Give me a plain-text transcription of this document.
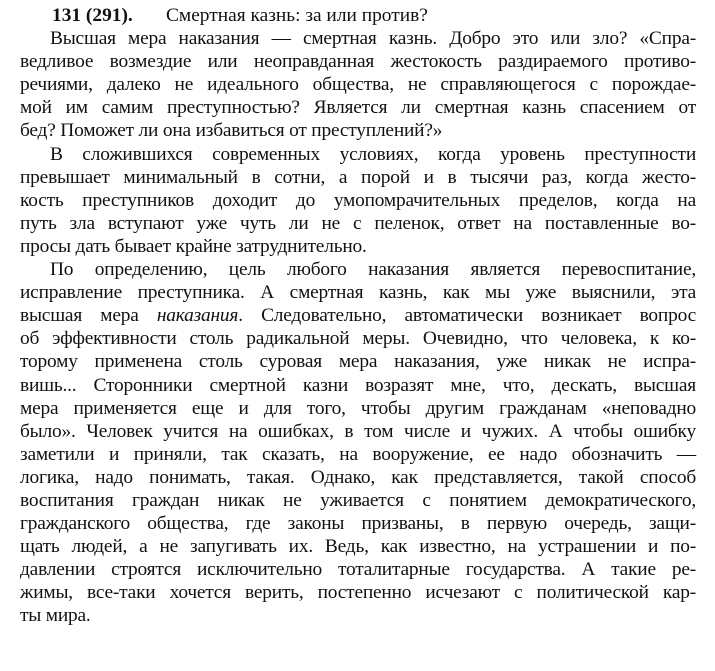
131 (291). Смертная казнь: за или против?
Высшая мера наказания — смертная казнь. Добро это или зло? «Спра-
ведливое возмездие или неоправданная жестокость раздираемого противо-
речиями, далеко не идеального общества, не справляющегося с порождае-
мой им самим преступностью? Является ли смертная казнь спасением от
бед? Поможет ли она избавиться от преступлений?»
В сложившихся современных условиях, когда уровень преступности
превышает минимальный в сотни, а порой и в тысячи раз, когда жесто-
кость преступников доходит до умопомрачительных пределов, когда на
путь зла вступают уже чуть ли не с пеленок, ответ на поставленные во-
просы дать бывает крайне затруднительно.
По определению, цель любого наказания является перевоспитание,
исправление преступника. А смертная казнь, как мы уже выяснили, эта
высшая мера наказания. Следовательно, автоматически возникает вопрос
об эффективности столь радикальной меры. Очевидно, что человека, к ко-
торому применена столь суровая мера наказания, уже никак не испра-
вишь... Сторонники смертной казни возразят мне, что, дескать, высшая
мера применяется еще и для того, чтобы другим гражданам «неповадно
было». Человек учится на ошибках, в том числе и чужих. А чтобы ошибку
заметили и приняли, так сказать, на вооружение, ее надо обозначить —
логика, надо понимать, такая. Однако, как представляется, такой способ
воспитания граждан никак не уживается с понятием демократического,
гражданского общества, где законы призваны, в первую очередь, защи-
щать людей, а не запугивать их. Ведь, как известно, на устрашении и по-
давлении строятся исключительно тоталитарные государства. А такие ре-
жимы, все-таки хочется верить, постепенно исчезают с политической кар-
ты мира.
